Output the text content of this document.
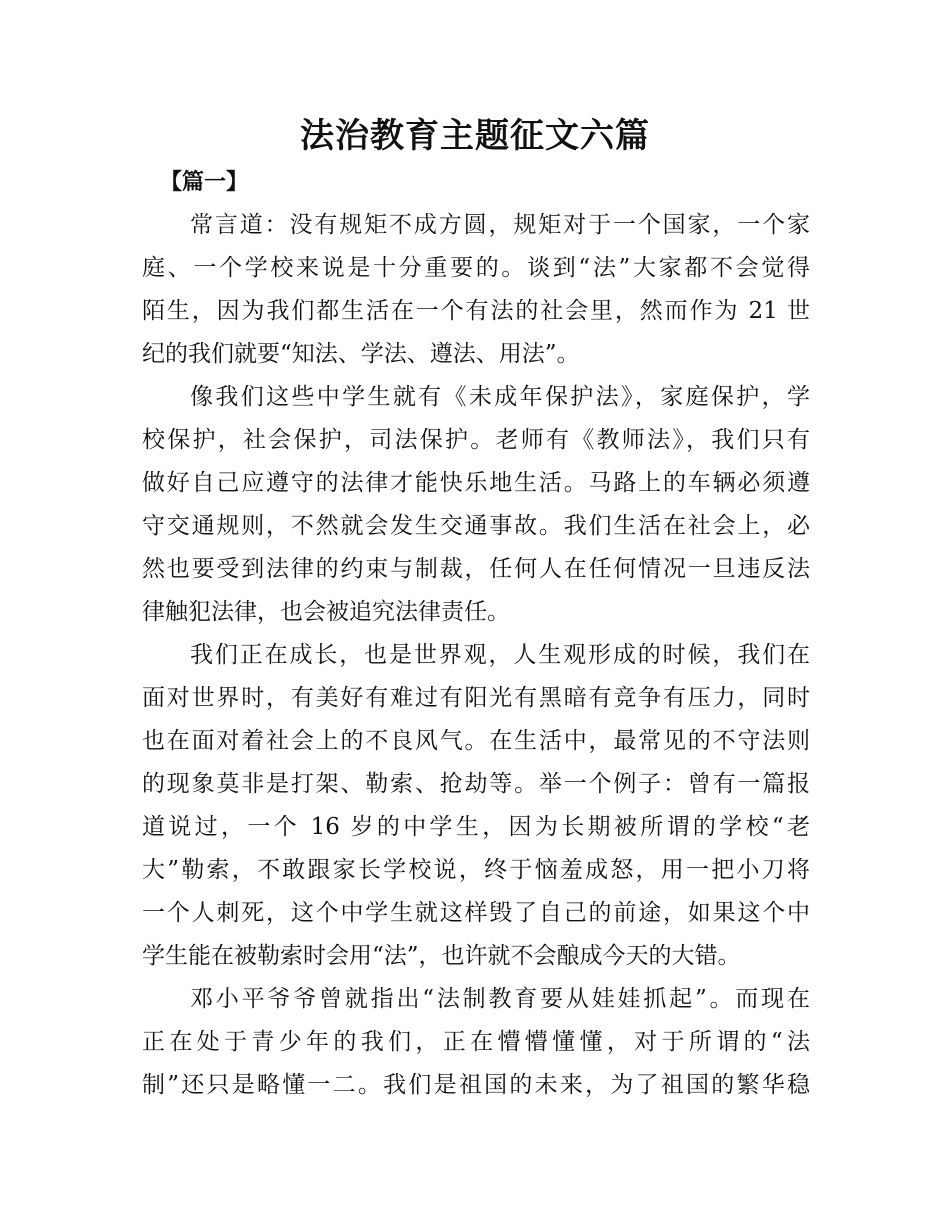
法治教育主题征文六篇
【篇一】
常言道：没有规矩不成方圆，规矩对于一个国家，一个家
庭、一个学校来说是十分重要的。谈到“法”大家都不会觉得
陌生，因为我们都生活在一个有法的社会里，然而作为 21 世
纪的我们就要“知法、学法、遵法、用法”。
像我们这些中学生就有《未成年保护法》，家庭保护，学
校保护，社会保护，司法保护。老师有《教师法》，我们只有
做好自己应遵守的法律才能快乐地生活。马路上的车辆必须遵
守交通规则，不然就会发生交通事故。我们生活在社会上，必
然也要受到法律的约束与制裁，任何人在任何情况一旦违反法
律触犯法律，也会被追究法律责任。
我们正在成长，也是世界观，人生观形成的时候，我们在
面对世界时，有美好有难过有阳光有黑暗有竞争有压力，同时
也在面对着社会上的不良风气。在生活中，最常见的不守法则
的现象莫非是打架、勒索、抢劫等。举一个例子：曾有一篇报
道说过，一个 16 岁的中学生，因为长期被所谓的学校“老
大”勒索，不敢跟家长学校说，终于恼羞成怒，用一把小刀将
一个人刺死，这个中学生就这样毁了自己的前途，如果这个中
学生能在被勒索时会用“法”，也许就不会酿成今天的大错。
邓小平爷爷曾就指出“法制教育要从娃娃抓起”。而现在
正在处于青少年的我们，正在懵懵懂懂，对于所谓的“法
制”还只是略懂一二。我们是祖国的未来，为了祖国的繁华稳
